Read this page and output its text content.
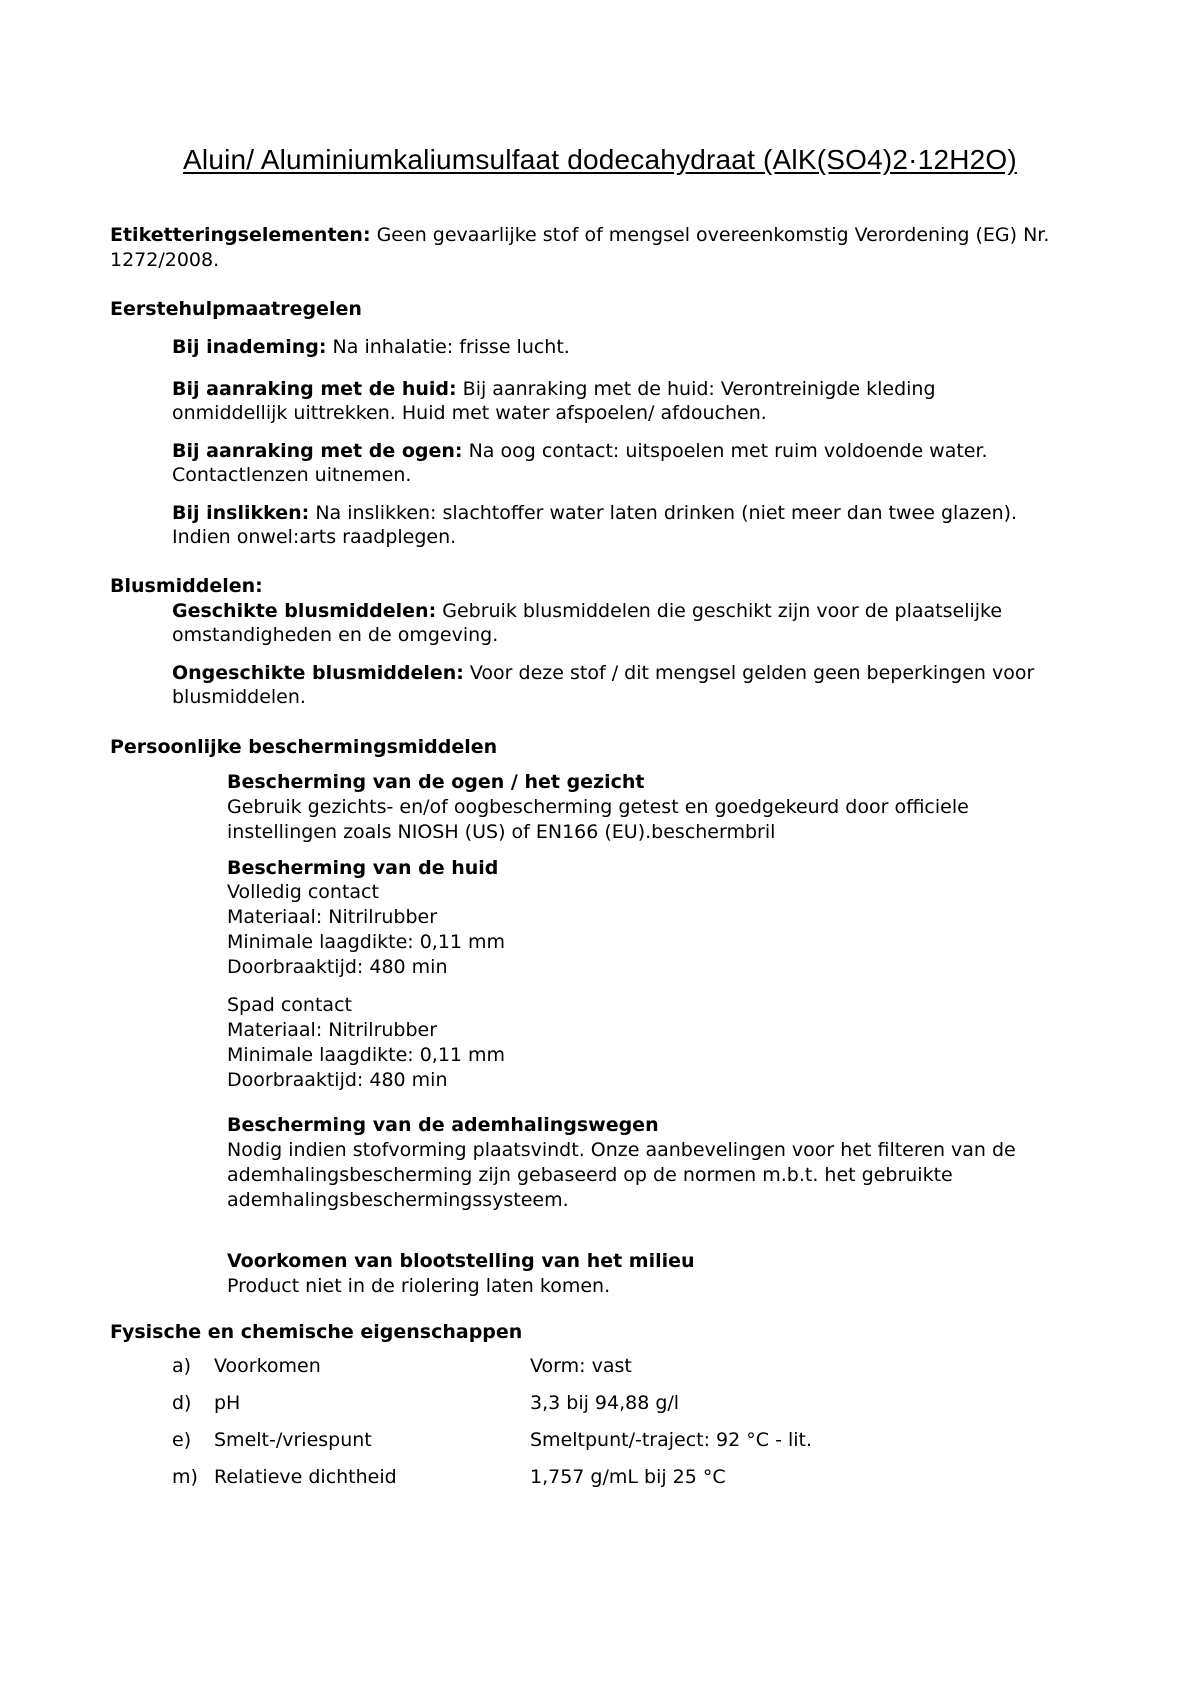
Aluin/ Aluminiumkaliumsulfaat dodecahydraat (AlK(SO4)2·12H2O)
Etiketteringselementen: Geen gevaarlijke stof of mengsel overeenkomstig Verordening (EG) Nr.
1272/2008.
Eerstehulpmaatregelen
Bij inademing: Na inhalatie: frisse lucht.
Bij aanraking met de huid: Bij aanraking met de huid: Verontreinigde kleding
onmiddellijk uittrekken. Huid met water afspoelen/ afdouchen.
Bij aanraking met de ogen: Na oog contact: uitspoelen met ruim voldoende water.
Contactlenzen uitnemen.
Bij inslikken: Na inslikken: slachtoffer water laten drinken (niet meer dan twee glazen).
Indien onwel:arts raadplegen.
Blusmiddelen:
Geschikte blusmiddelen: Gebruik blusmiddelen die geschikt zijn voor de plaatselijke
omstandigheden en de omgeving.
Ongeschikte blusmiddelen: Voor deze stof / dit mengsel gelden geen beperkingen voor
blusmiddelen.
Persoonlijke beschermingsmiddelen
Bescherming van de ogen / het gezicht
Gebruik gezichts- en/of oogbescherming getest en goedgekeurd door officiele
instellingen zoals NIOSH (US) of EN166 (EU).beschermbril
Bescherming van de huid
Volledig contact
Materiaal: Nitrilrubber
Minimale laagdikte: 0,11 mm
Doorbraaktijd: 480 min
Spad contact
Materiaal: Nitrilrubber
Minimale laagdikte: 0,11 mm
Doorbraaktijd: 480 min
Bescherming van de ademhalingswegen
Nodig indien stofvorming plaatsvindt. Onze aanbevelingen voor het filteren van de
ademhalingsbescherming zijn gebaseerd op de normen m.b.t. het gebruikte
ademhalingsbeschermingssysteem.
Voorkomen van blootstelling van het milieu
Product niet in de riolering laten komen.
Fysische en chemische eigenschappen
a) Voorkomen	Vorm: vast
d) pH	3,3 bij 94,88 g/l
e) Smelt-/vriespunt	Smeltpunt/-traject: 92 °C - lit.
m) Relatieve dichtheid	1,757 g/mL bij 25 °C
